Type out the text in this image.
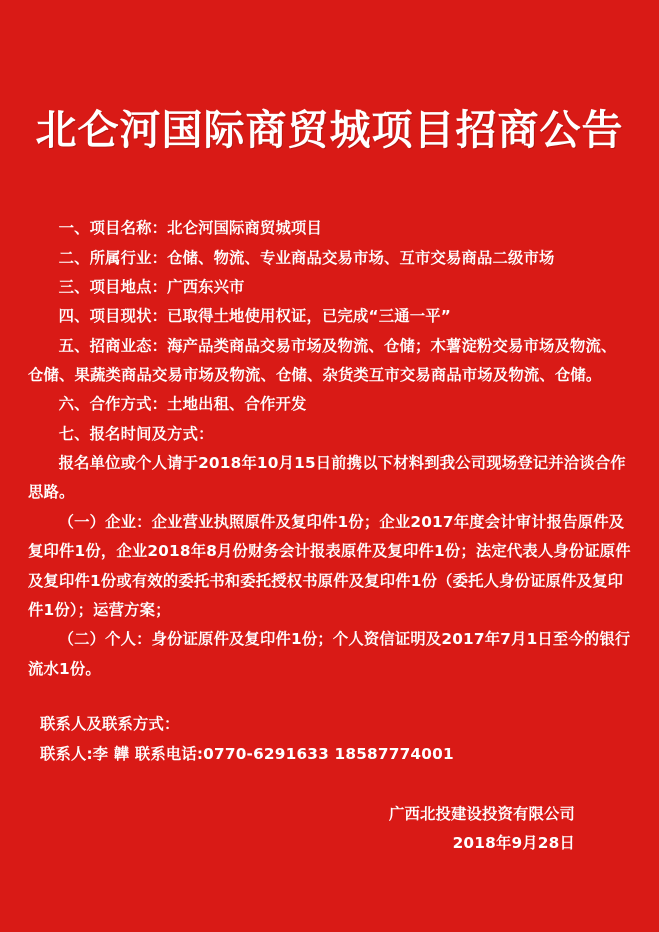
北仑河国际商贸城项目招商公告

一、项目名称：北仑河国际商贸城项目

二、所属行业：仓储、物流、专业商品交易市场、互市交易商品二级市场

三、项目地点：广西东兴市

四、项目现状：已取得土地使用权证，已完成“三通一平”

五、招商业态：海产品类商品交易市场及物流、仓储；木薯淀粉交易市场及物流、仓储、果蔬类商品交易市场及物流、仓储、杂货类互市交易商品市场及物流、仓储。

六、合作方式：土地出租、合作开发

七、报名时间及方式：

报名单位或个人请于2018年10月15日前携以下材料到我公司现场登记并洽谈合作思路。

（一）企业：企业营业执照原件及复印件1份；企业2017年度会计审计报告原件及复印件1份，企业2018年8月份财务会计报表原件及复印件1份；法定代表人身份证原件及复印件1份或有效的委托书和委托授权书原件及复印件1份（委托人身份证原件及复印件1份）；运营方案；

（二）个人：身份证原件及复印件1份；个人资信证明及2017年7月1日至今的银行流水1份。

联系人及联系方式：
联系人:李 韡 联系电话:0770-6291633 18587774001
广西北投建设投资有限公司
2018年9月28日
